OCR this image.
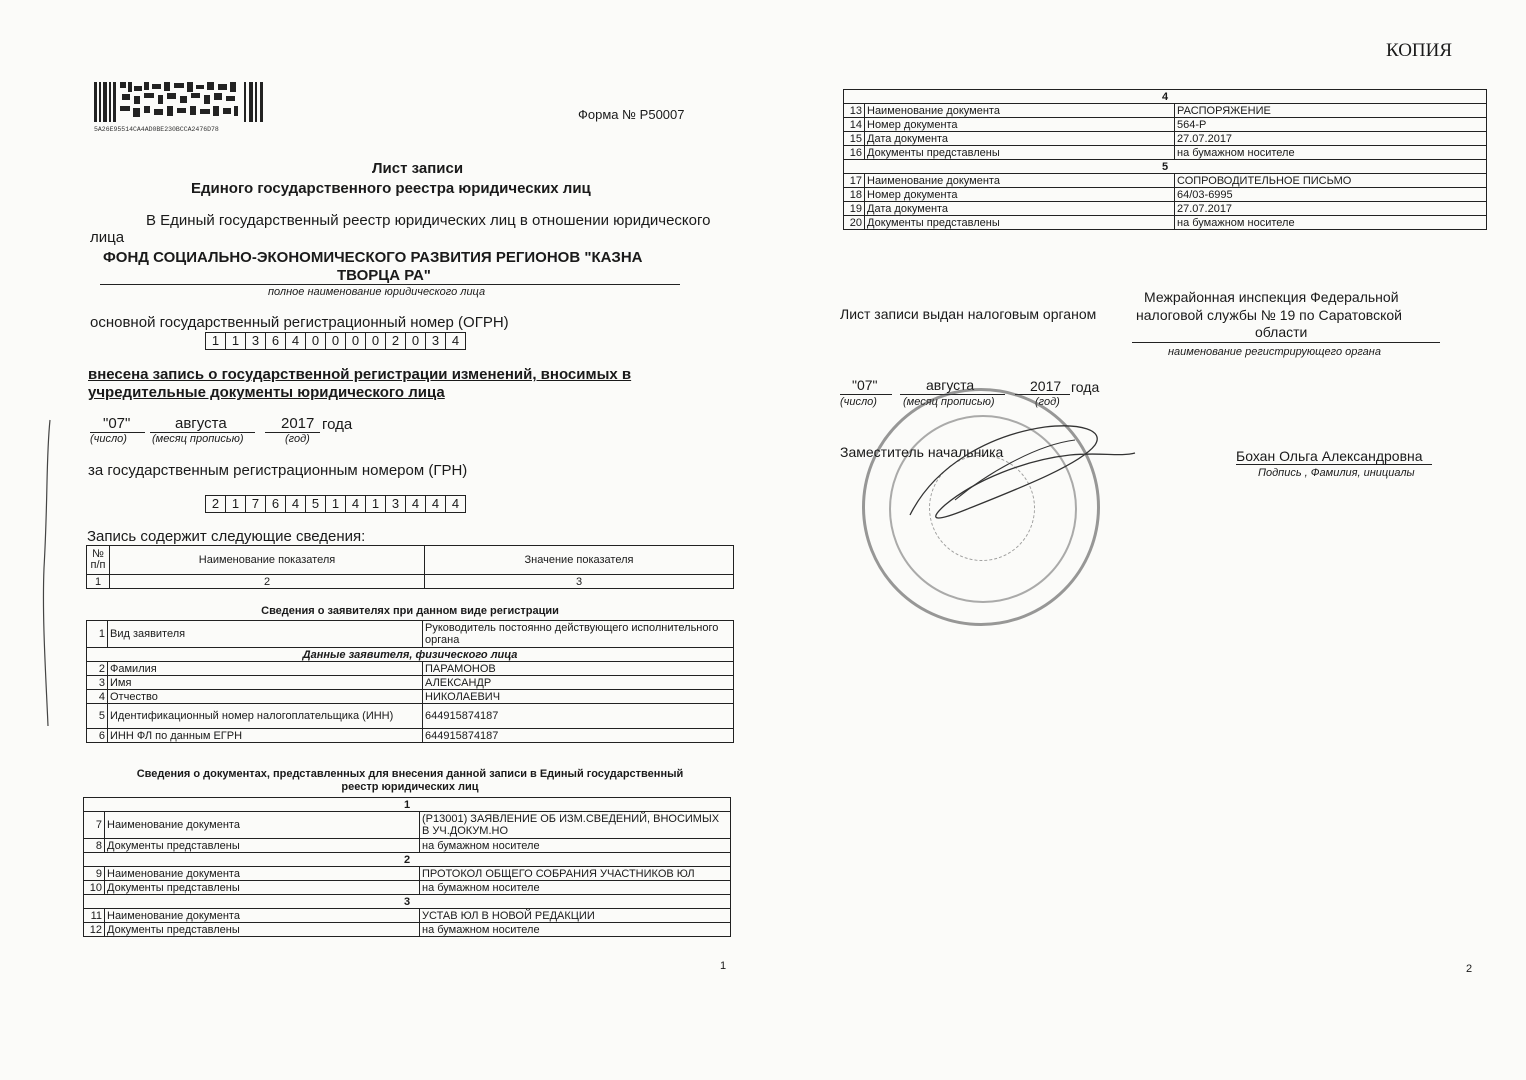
5A26E95514CA4AD0BE230BCCA2476D78
Форма № Р50007
Лист записи
Единого государственного реестра юридических лиц
В Единый государственный реестр юридических лиц в отношении юридического
лица
ФОНД СОЦИАЛЬНО-ЭКОНОМИЧЕСКОГО РАЗВИТИЯ РЕГИОНОВ "КАЗНА
ТВОРЦА РА"
полное наименование юридического лица
основной государственный регистрационный номер (ОГРН)
1 1 3 6 4 0 0 0 0 2 0 3 4
внесена запись о государственной регистрации изменений, вносимых в
учредительные документы юридического лица
"07"	августа	2017 года
(число) (месяц прописью)	(год)
за государственным регистрационным номером (ГРН)
2 1 7 6 4 5 1 4 1 3 4 4 4
Запись содержит следующие сведения:
№ п/п	Наименование показателя	Значение показателя
1	2	3
Сведения о заявителях при данном виде регистрации
1	Вид заявителя	Руководитель постоянно действующего исполнительного органа
Данные заявителя, физического лица		
2	Фамилия	ПАРАМОНОВ
3	Имя	АЛЕКСАНДР
4	Отчество	НИКОЛАЕВИЧ
5	Идентификационный номер налогоплательщика (ИНН)	644915874187
6	ИНН ФЛ по данным ЕГРН	644915874187
Сведения о документах, представленных для внесения данной записи в Единый государственный
реестр юридических лиц
1		
7	Наименование документа	(Р13001) ЗАЯВЛЕНИЕ ОБ ИЗМ.СВЕДЕНИЙ, ВНОСИМЫХ В УЧ.ДОКУМ.НО
8	Документы представлены	на бумажном носителе
2		
9	Наименование документа	ПРОТОКОЛ ОБЩЕГО СОБРАНИЯ УЧАСТНИКОВ ЮЛ
10	Документы представлены	на бумажном носителе
3		
11	Наименование документа	УСТАВ ЮЛ В НОВОЙ РЕДАКЦИИ
12	Документы представлены	на бумажном носителе
1
КОПИЯ
4		
13	Наименование документа	РАСПОРЯЖЕНИЕ
14	Номер документа	564-Р
15	Дата документа	27.07.2017
16	Документы представлены	на бумажном носителе
5		
17	Наименование документа	СОПРОВОДИТЕЛЬНОЕ ПИСЬМО
18	Номер документа	64/03-6995
19	Дата документа	27.07.2017
20	Документы представлены	на бумажном носителе
Межрайонная инспекция Федеральной
Лист записи выдан налоговым органом	налоговой службы № 19 по Саратовской
области
наименование регистрирующего органа
"07"	августа	2017 года
(число) (месяц прописью)	(год)
Заместитель начальника	Бохан Ольга Александровна
Подпись , Фамилия, инициалы
2
